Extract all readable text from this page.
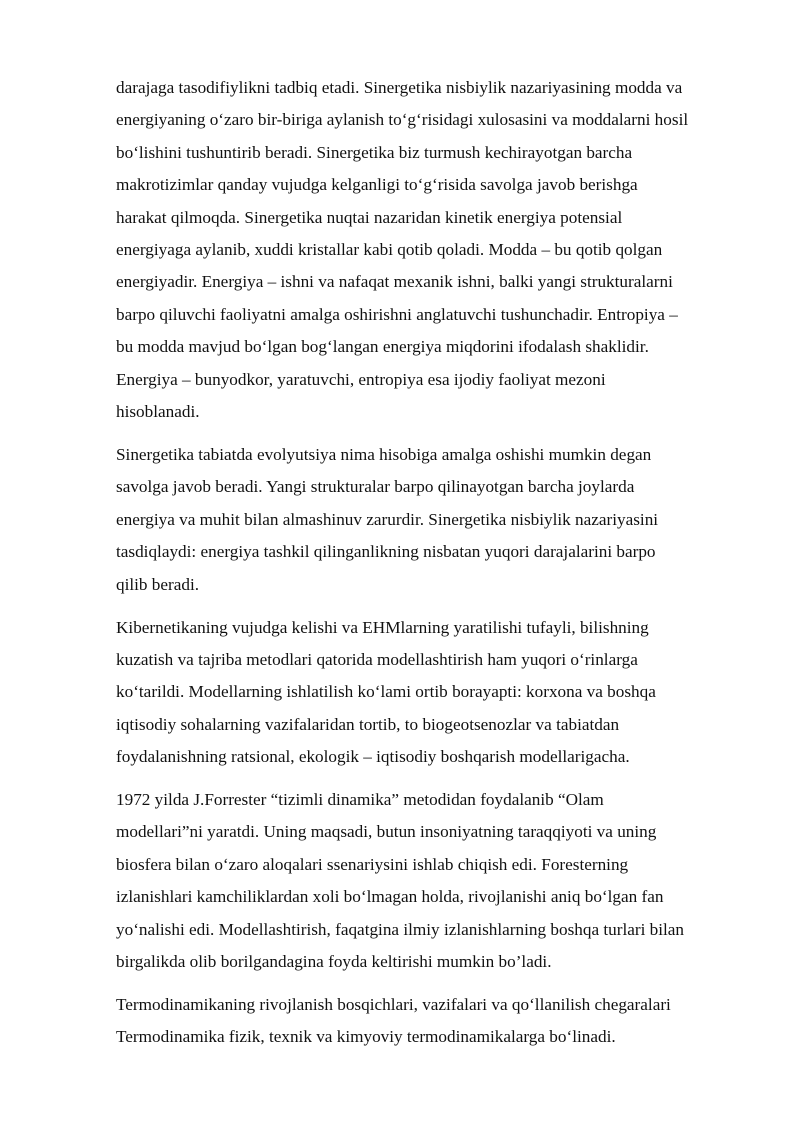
darajaga tasodifiylikni tadbiq etadi. Sinergetika nisbiylik nazariyasining modda va
energiyaning o‘zaro bir-biriga aylanish to‘g‘risidagi xulosasini va moddalarni hosil
bo‘lishini tushuntirib beradi. Sinergetika biz turmush kechirayotgan barcha
makrotizimlar qanday vujudga kelganligi to‘g‘risida savolga javob berishga
harakat qilmoqda. Sinergetika nuqtai nazaridan kinetik energiya potensial
energiyaga aylanib, xuddi kristallar kabi qotib qoladi. Modda – bu qotib qolgan
energiyadir. Energiya – ishni va nafaqat mexanik ishni, balki yangi strukturalarni
barpo qiluvchi faoliyatni amalga oshirishni anglatuvchi tushunchadir. Entropiya –
bu modda mavjud bo‘lgan bog‘langan energiya miqdorini ifodalash shaklidir.
Energiya – bunyodkor, yaratuvchi, entropiya esa ijodiy faoliyat mezoni
hisoblanadi.

Sinergetika tabiatda evolyutsiya nima hisobiga amalga oshishi mumkin degan
savolga javob beradi. Yangi strukturalar barpo qilinayotgan barcha joylarda
energiya va muhit bilan almashinuv zarurdir. Sinergetika nisbiylik nazariyasini
tasdiqlaydi: energiya tashkil qilinganlikning nisbatan yuqori darajalarini barpo
qilib beradi.

Kibernetikaning vujudga kelishi va EHMlarning yaratilishi tufayli, bilishning
kuzatish va tajriba metodlari qatorida modellashtirish ham yuqori o‘rinlarga
ko‘tarildi. Modellarning ishlatilish ko‘lami ortib borayapti: korxona va boshqa
iqtisodiy sohalarning vazifalaridan tortib, to biogeotsenozlar va tabiatdan
foydalanishning ratsional, ekologik – iqtisodiy boshqarish modellarigacha.

1972 yilda J.Forrester “tizimli dinamika” metodidan foydalanib “Olam
modellari”ni yaratdi. Uning maqsadi, butun insoniyatning taraqqiyoti va uning
biosfera bilan o‘zaro aloqalari ssenariysini ishlab chiqish edi. Foresterning
izlanishlari kamchiliklardan xoli bo‘lmagan holda, rivojlanishi aniq bo‘lgan fan
yo‘nalishi edi. Modellashtirish, faqatgina ilmiy izlanishlarning boshqa turlari bilan
birgalikda olib borilgandagina foyda keltirishi mumkin bo’ladi.

Termodinamikaning rivojlanish bosqichlari, vazifalari va qo‘llanilish chegaralari
Termodinamika fizik, texnik va kimyoviy termodinamikalarga bo‘linadi.
